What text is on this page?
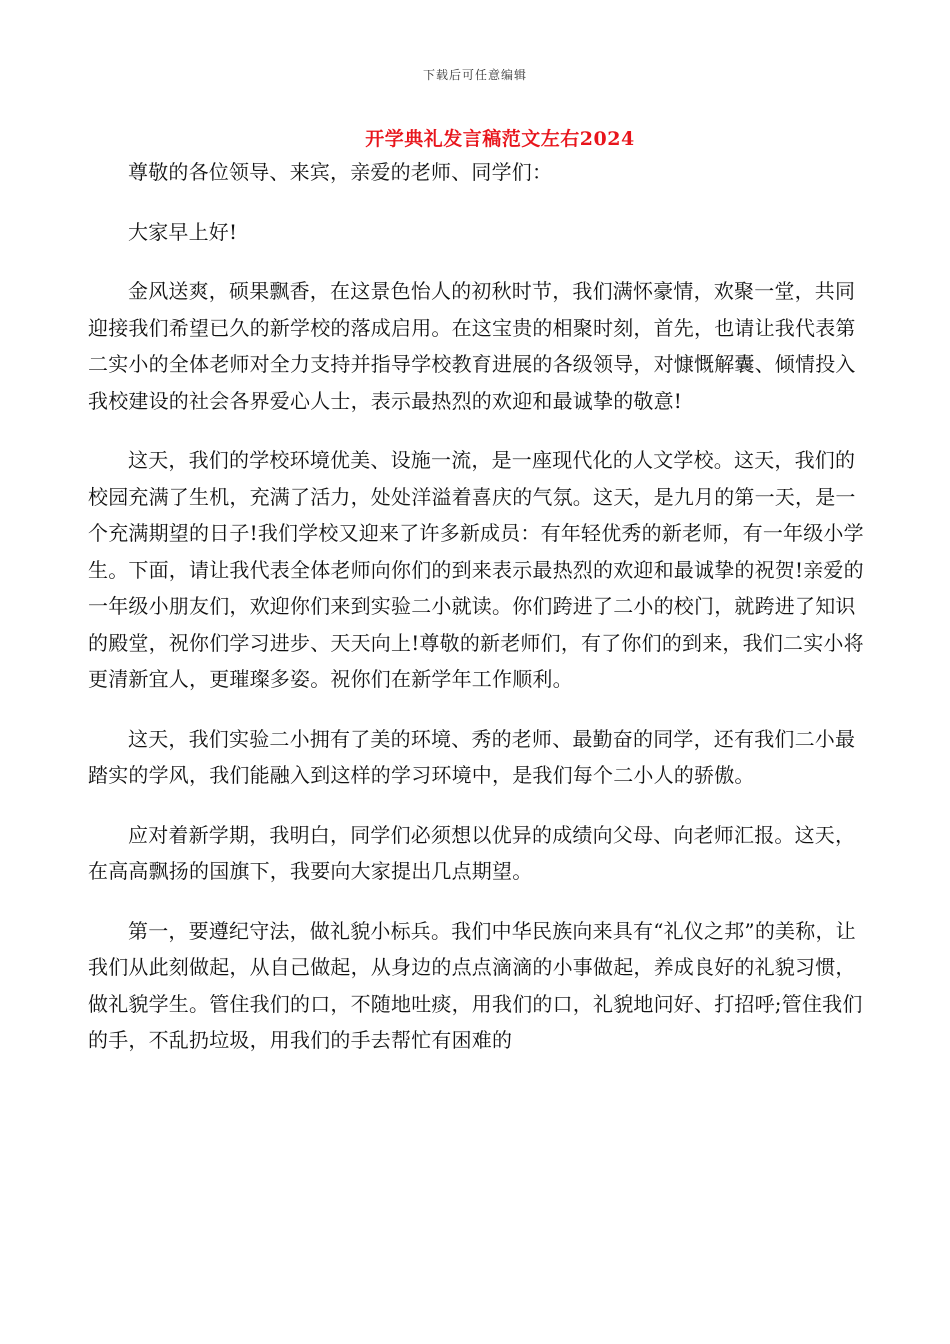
下载后可任意编辑
开学典礼发言稿范文左右2024

尊敬的各位领导、来宾，亲爱的老师、同学们：

大家早上好!

金风送爽，硕果飘香，在这景色怡人的初秋时节，我们满怀豪情，欢聚一堂，共同迎接我们希望已久的新学校的落成启用。在这宝贵的相聚时刻，首先，也请让我代表第二实小的全体老师对全力支持并指导学校教育进展的各级领导，对慷慨解囊、倾情投入我校建设的社会各界爱心人士，表示最热烈的欢迎和最诚挚的敬意!

这天，我们的学校环境优美、设施一流，是一座现代化的人文学校。这天，我们的校园充满了生机，充满了活力，处处洋溢着喜庆的气氛。这天，是九月的第一天，是一个充满期望的日子!我们学校又迎来了许多新成员：有年轻优秀的新老师，有一年级小学生。下面，请让我代表全体老师向你们的到来表示最热烈的欢迎和最诚挚的祝贺!亲爱的一年级小朋友们，欢迎你们来到实验二小就读。你们跨进了二小的校门，就跨进了知识的殿堂，祝你们学习进步、天天向上!尊敬的新老师们，有了你们的到来，我们二实小将更清新宜人，更璀璨多姿。祝你们在新学年工作顺利。

这天，我们实验二小拥有了美的环境、秀的老师、最勤奋的同学，还有我们二小最踏实的学风，我们能融入到这样的学习环境中，是我们每个二小人的骄傲。

应对着新学期，我明白，同学们必须想以优异的成绩向父母、向老师汇报。这天，在高高飘扬的国旗下，我要向大家提出几点期望。

第一，要遵纪守法，做礼貌小标兵。我们中华民族向来具有“礼仪之邦”的美称，让我们从此刻做起，从自己做起，从身边的点点滴滴的小事做起，养成良好的礼貌习惯，做礼貌学生。管住我们的口，不随地吐痰，用我们的口，礼貌地问好、打招呼;管住我们的手，不乱扔垃圾，用我们的手去帮忙有困难的
